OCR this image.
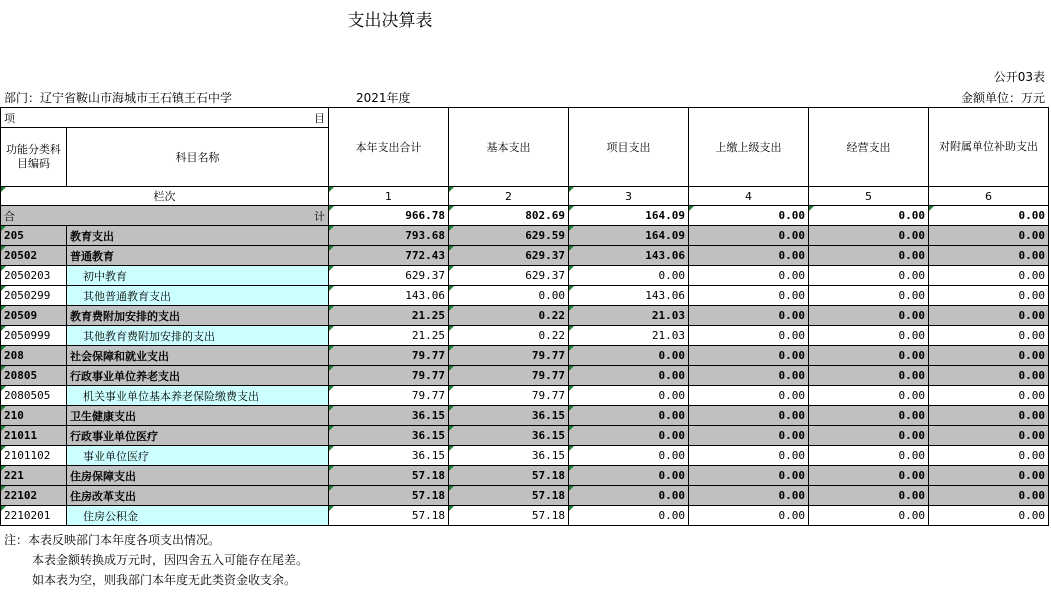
支出决算表
公开03表
部门：辽宁省鞍山市海城市王石镇王石中学	2021年度	金额单位：万元
项 目		本年支出合计	基本支出	项目支出	上缴上级支出	经营支出	对附属单位补助支出
功能分类科目编码	科目名称						
栏次		1	2	3	4	5	6
合 计		966.78	802.69	164.09	0.00	0.00	0.00
205	教育支出	793.68	629.59	164.09	0.00	0.00	0.00
20502	普通教育	772.43	629.37	143.06	0.00	0.00	0.00
2050203	初中教育	629.37	629.37	0.00	0.00	0.00	0.00
2050299	其他普通教育支出	143.06	0.00	143.06	0.00	0.00	0.00
20509	教育费附加安排的支出	21.25	0.22	21.03	0.00	0.00	0.00
2050999	其他教育费附加安排的支出	21.25	0.22	21.03	0.00	0.00	0.00
208	社会保障和就业支出	79.77	79.77	0.00	0.00	0.00	0.00
20805	行政事业单位养老支出	79.77	79.77	0.00	0.00	0.00	0.00
2080505	机关事业单位基本养老保险缴费支出	79.77	79.77	0.00	0.00	0.00	0.00
210	卫生健康支出	36.15	36.15	0.00	0.00	0.00	0.00
21011	行政事业单位医疗	36.15	36.15	0.00	0.00	0.00	0.00
2101102	事业单位医疗	36.15	36.15	0.00	0.00	0.00	0.00
221	住房保障支出	57.18	57.18	0.00	0.00	0.00	0.00
22102	住房改革支出	57.18	57.18	0.00	0.00	0.00	0.00
2210201	住房公积金	57.18	57.18	0.00	0.00	0.00	0.00
注：本表反映部门本年度各项支出情况。
本表金额转换成万元时，因四舍五入可能存在尾差。
如本表为空，则我部门本年度无此类资金收支余。
